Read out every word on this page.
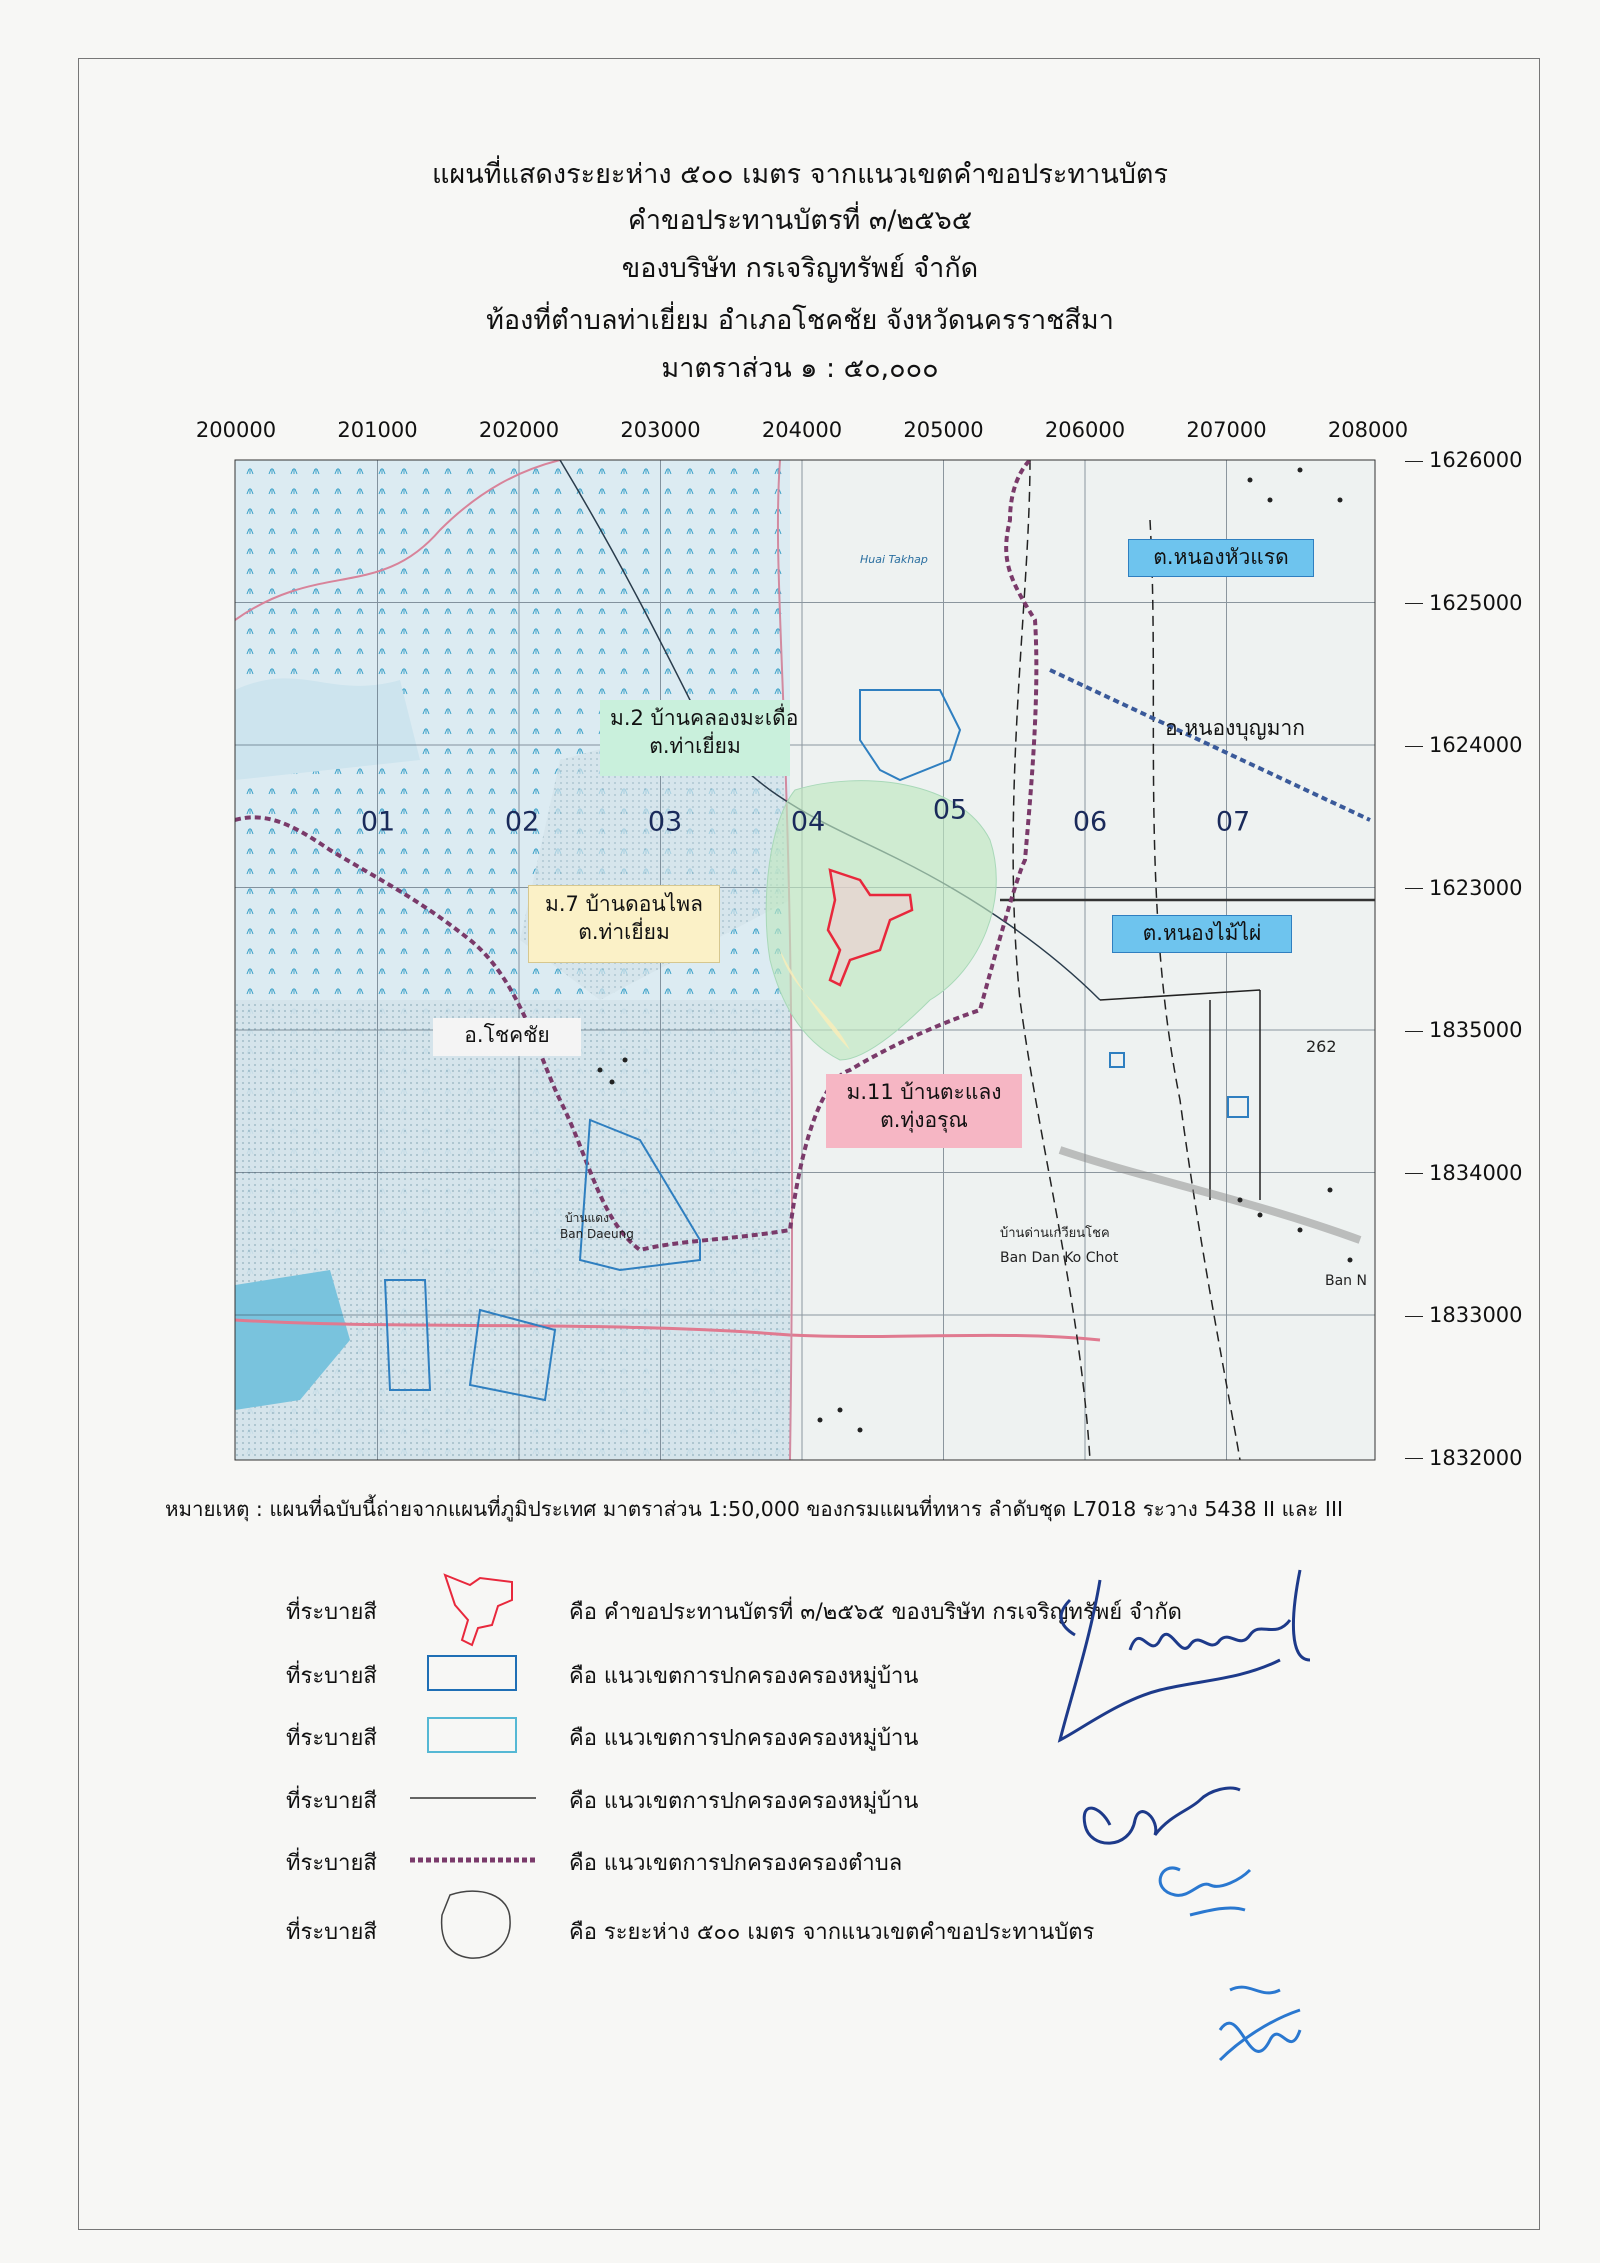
แผนที่แสดงระยะห่าง ๕๐๐ เมตร จากแนวเขตคำขอประทานบัตร
คำขอประทานบัตรที่ ๓/๒๕๖๕
ของบริษัท กรเจริญทรัพย์ จำกัด
ท้องที่ตำบลท่าเยี่ยม อำเภอโชคชัย จังหวัดนครราชสีมา
มาตราส่วน ๑ : ๕๐,๐๐๐
Huai Takhap
262
บ้านด่านเกวียนโชค
Ban Dan Ko Chot
บ้านแดง
Ban Daeung
Ban N
200000	201000	202000	203000	204000	205000	206000	207000	208000
1626000
1625000
1624000
1623000
1835000
1834000
1833000
1832000
01	02	03	04	05	06	07
ม.2 บ้านคลองมะเดื่อ
ต.ท่าเยี่ยม
ม.7 บ้านดอนไพล
ต.ท่าเยี่ยม
ม.11 บ้านตะแลง
ต.ทุ่งอรุณ
ต.หนองหัวแรด
อ.หนองบุญมาก
ต.หนองไม้ไผ่
อ.โชคชัย
หมายเหตุ : แผนที่ฉบับนี้ถ่ายจากแผนที่ภูมิประเทศ มาตราส่วน 1:50,000 ของกรมแผนที่ทหาร ลำดับชุด L7018 ระวาง 5438 II และ III
ที่ระบายสี	คือ คำขอประทานบัตรที่ ๓/๒๕๖๕ ของบริษัท กรเจริญทรัพย์ จำกัด
ที่ระบายสี	คือ แนวเขตการปกครองครองหมู่บ้าน
ที่ระบายสี	คือ แนวเขตการปกครองครองหมู่บ้าน
ที่ระบายสี	คือ แนวเขตการปกครองครองหมู่บ้าน
ที่ระบายสี	คือ แนวเขตการปกครองครองตำบล
ที่ระบายสี	คือ ระยะห่าง ๕๐๐ เมตร จากแนวเขตคำขอประทานบัตร
